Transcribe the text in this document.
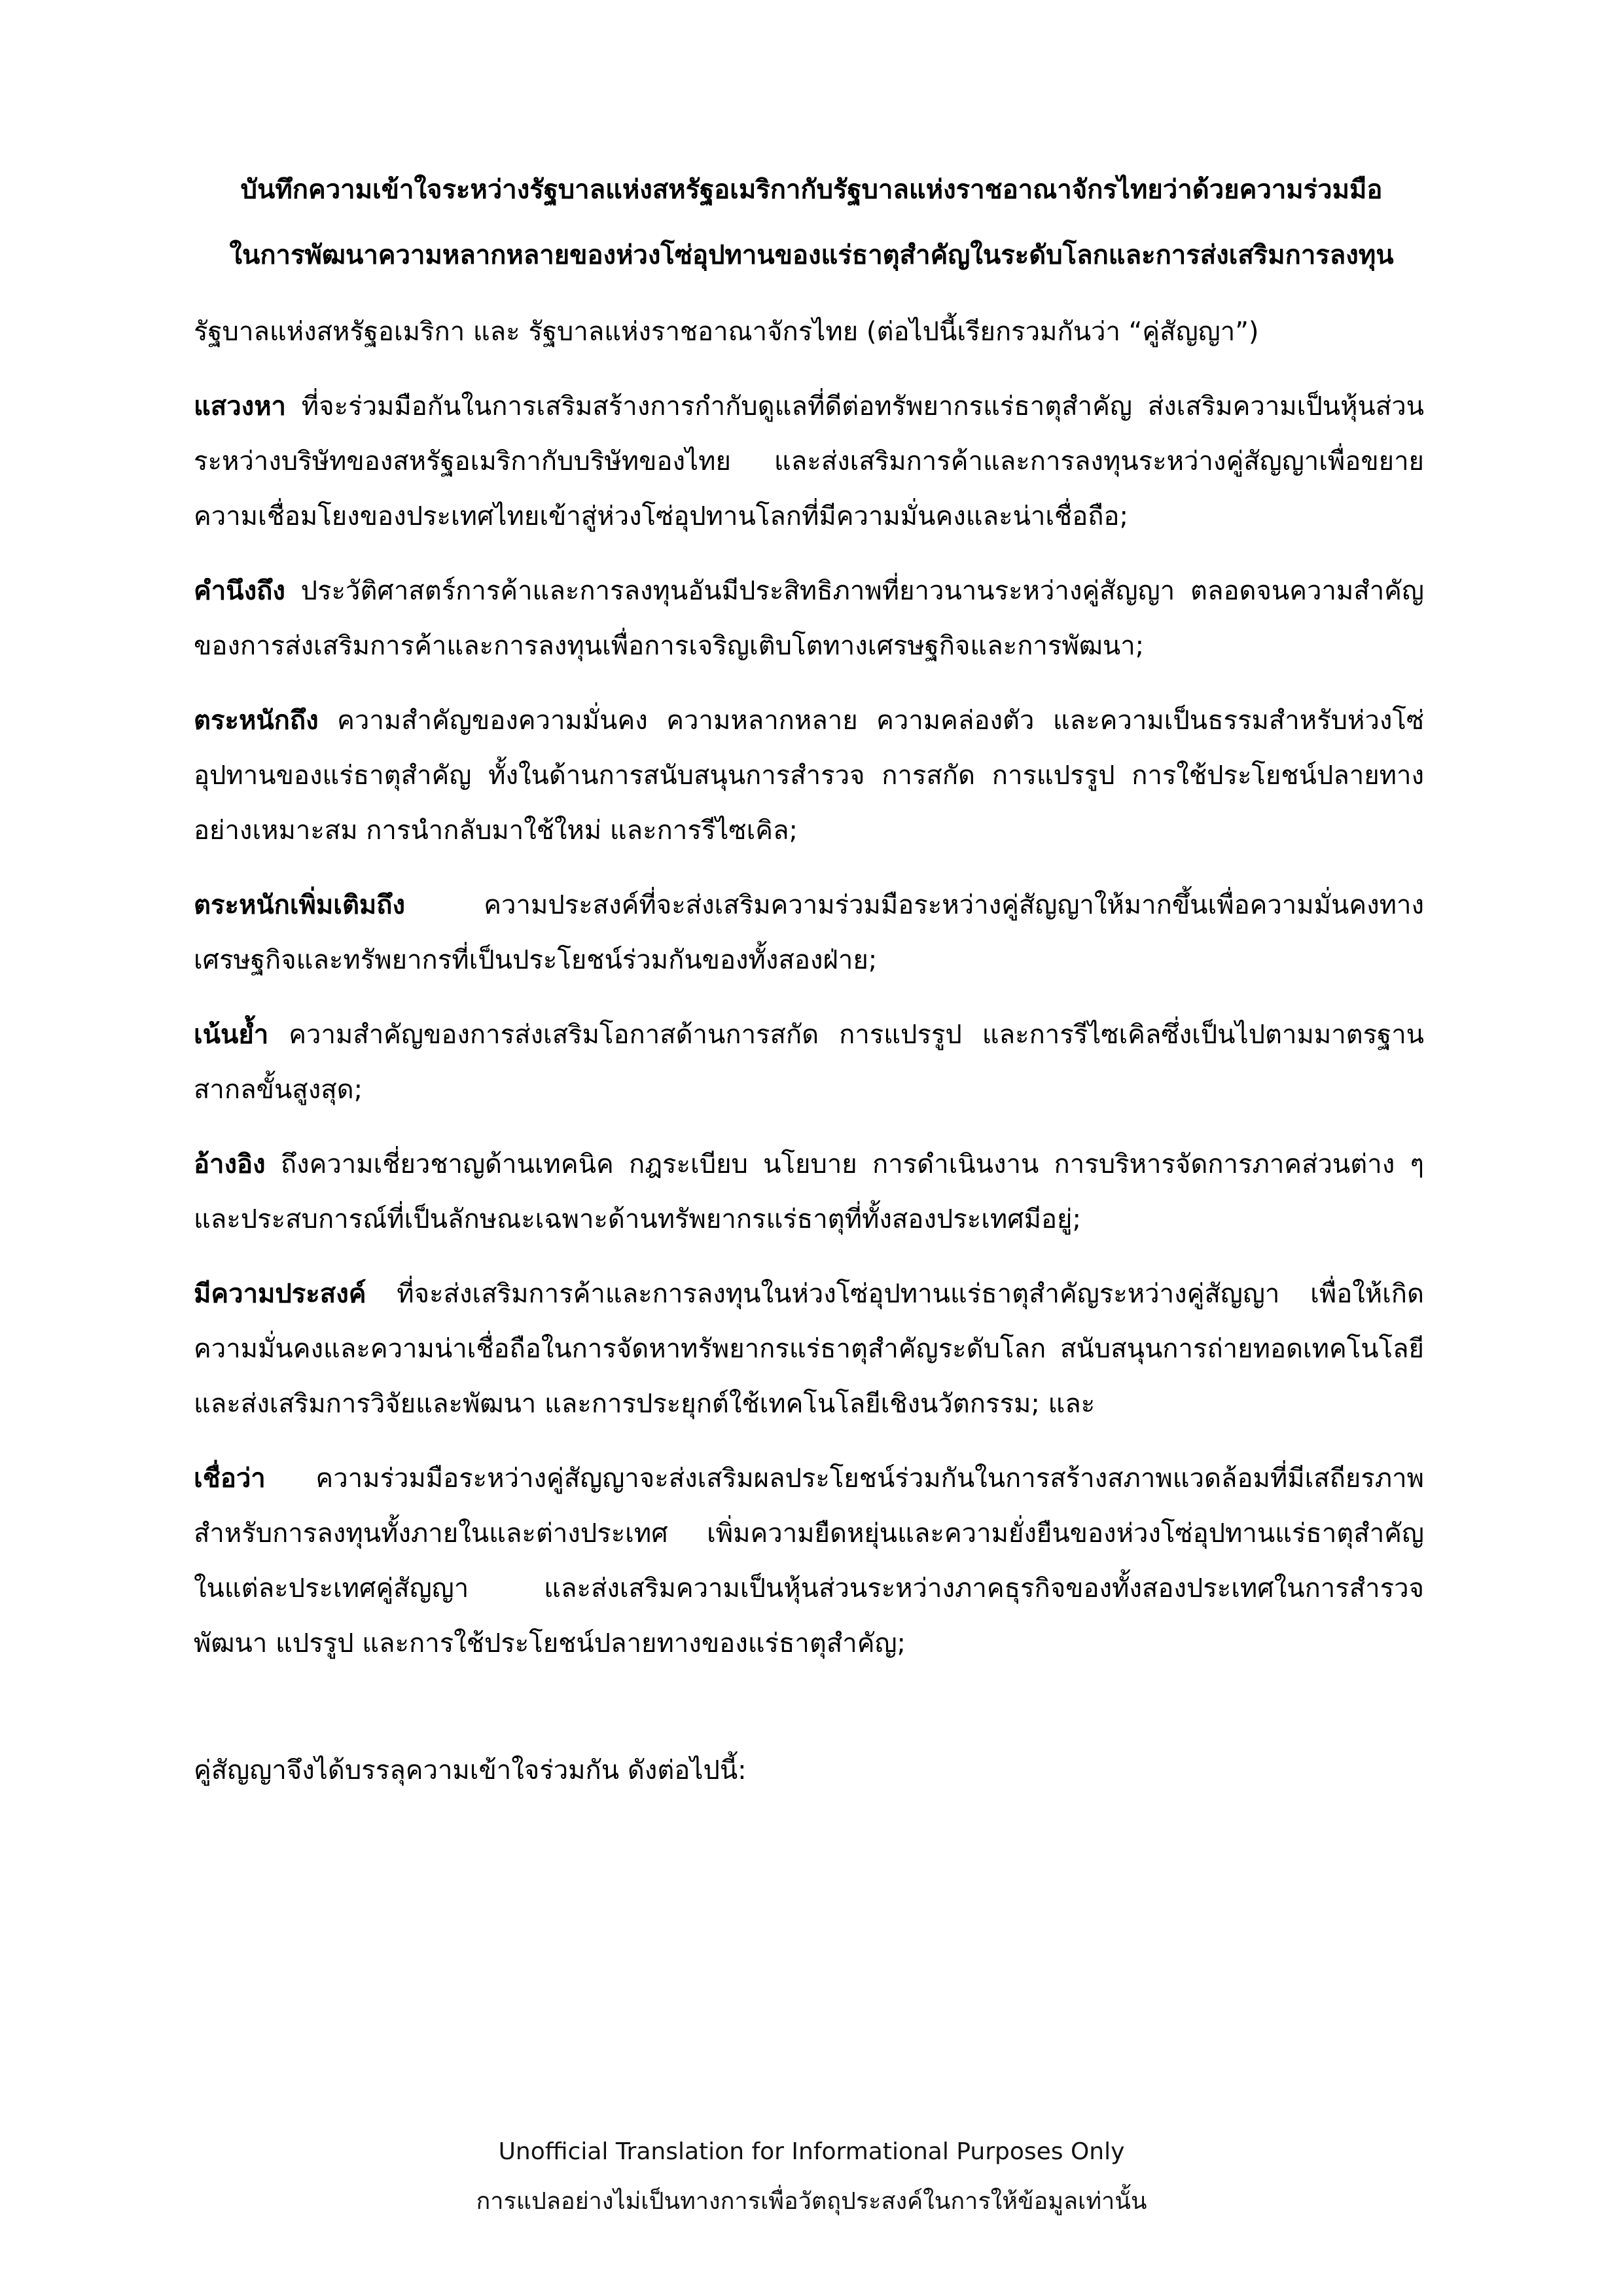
บันทึกความเข้าใจระหว่างรัฐบาลแห่งสหรัฐอเมริกากับรัฐบาลแห่งราชอาณาจักรไทยว่าด้วยความร่วมมือ
ในการพัฒนาความหลากหลายของห่วงโซ่อุปทานของแร่ธาตุสำคัญในระดับโลกและการส่งเสริมการลงทุน

รัฐบาลแห่งสหรัฐอเมริกา และ รัฐบาลแห่งราชอาณาจักรไทย (ต่อไปนี้เรียกรวมกันว่า “คู่สัญญา”)

แสวงหา ที่จะร่วมมือกันในการเสริมสร้างการกำกับดูแลที่ดีต่อทรัพยากรแร่ธาตุสำคัญ ส่งเสริมความเป็นหุ้นส่วนระหว่างบริษัทของสหรัฐอเมริกากับบริษัทของไทย และส่งเสริมการค้าและการลงทุนระหว่างคู่สัญญาเพื่อขยายความเชื่อมโยงของประเทศไทยเข้าสู่ห่วงโซ่อุปทานโลกที่มีความมั่นคงและน่าเชื่อถือ;

คำนึงถึง ประวัติศาสตร์การค้าและการลงทุนอันมีประสิทธิภาพที่ยาวนานระหว่างคู่สัญญา ตลอดจนความสำคัญของการส่งเสริมการค้าและการลงทุนเพื่อการเจริญเติบโตทางเศรษฐกิจและการพัฒนา;

ตระหนักถึง ความสำคัญของความมั่นคง ความหลากหลาย ความคล่องตัว และความเป็นธรรมสำหรับห่วงโซ่อุปทานของแร่ธาตุสำคัญ ทั้งในด้านการสนับสนุนการสำรวจ การสกัด การแปรรูป การใช้ประโยชน์ปลายทางอย่างเหมาะสม การนำกลับมาใช้ใหม่ และการรีไซเคิล;

ตระหนักเพิ่มเติมถึง ความประสงค์ที่จะส่งเสริมความร่วมมือระหว่างคู่สัญญาให้มากขึ้นเพื่อความมั่นคงทางเศรษฐกิจและทรัพยากรที่เป็นประโยชน์ร่วมกันของทั้งสองฝ่าย;

เน้นย้ำ ความสำคัญของการส่งเสริมโอกาสด้านการสกัด การแปรรูป และการรีไซเคิลซึ่งเป็นไปตามมาตรฐานสากลขั้นสูงสุด;

อ้างอิง ถึงความเชี่ยวชาญด้านเทคนิค กฎระเบียบ นโยบาย การดำเนินงาน การบริหารจัดการภาคส่วนต่าง ๆ และประสบการณ์ที่เป็นลักษณะเฉพาะด้านทรัพยากรแร่ธาตุที่ทั้งสองประเทศมีอยู่;

มีความประสงค์ ที่จะส่งเสริมการค้าและการลงทุนในห่วงโซ่อุปทานแร่ธาตุสำคัญระหว่างคู่สัญญา เพื่อให้เกิดความมั่นคงและความน่าเชื่อถือในการจัดหาทรัพยากรแร่ธาตุสำคัญระดับโลก สนับสนุนการถ่ายทอดเทคโนโลยีและส่งเสริมการวิจัยและพัฒนา และการประยุกต์ใช้เทคโนโลยีเชิงนวัตกรรม; และ

เชื่อว่า ความร่วมมือระหว่างคู่สัญญาจะส่งเสริมผลประโยชน์ร่วมกันในการสร้างสภาพแวดล้อมที่มีเสถียรภาพสำหรับการลงทุนทั้งภายในและต่างประเทศ เพิ่มความยืดหยุ่นและความยั่งยืนของห่วงโซ่อุปทานแร่ธาตุสำคัญในแต่ละประเทศคู่สัญญา และส่งเสริมความเป็นหุ้นส่วนระหว่างภาคธุรกิจของทั้งสองประเทศในการสำรวจ พัฒนา แปรรูป และการใช้ประโยชน์ปลายทางของแร่ธาตุสำคัญ;

คู่สัญญาจึงได้บรรลุความเข้าใจร่วมกัน ดังต่อไปนี้:

Unofficial Translation for Informational Purposes Only
การแปลอย่างไม่เป็นทางการเพื่อวัตถุประสงค์ในการให้ข้อมูลเท่านั้น
